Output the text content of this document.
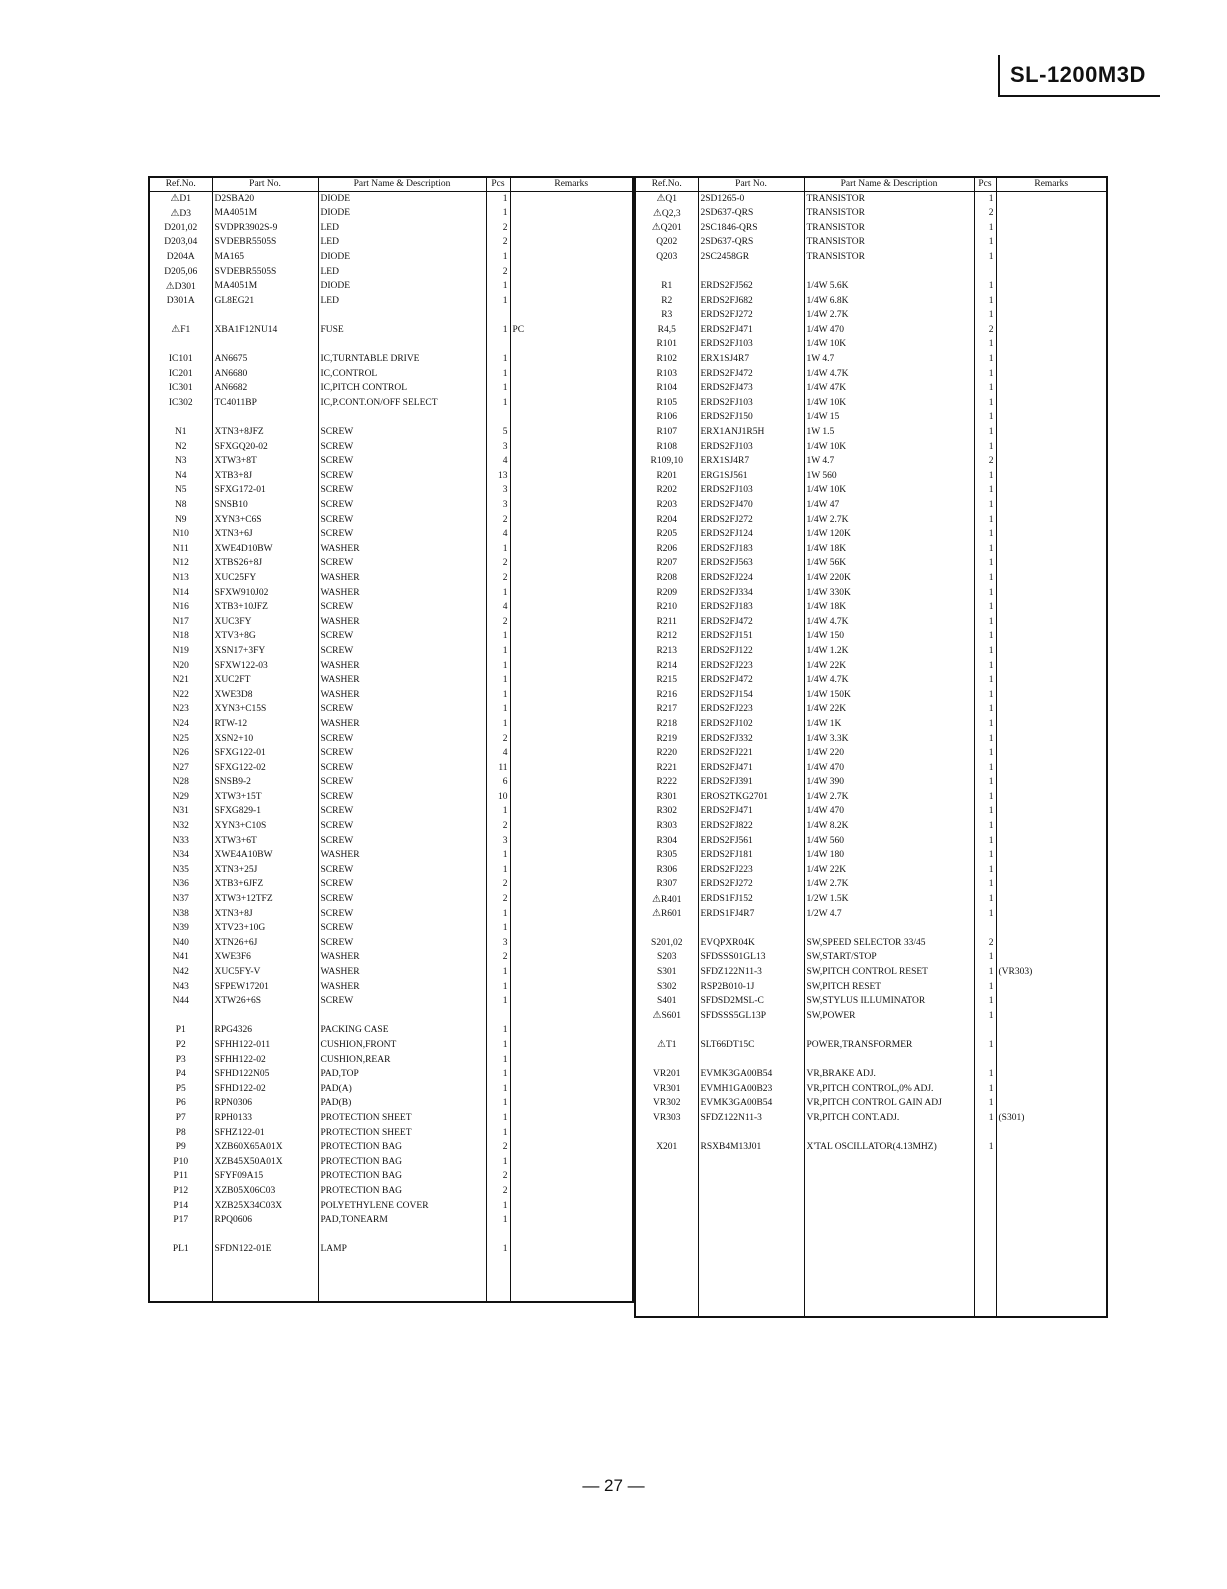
SL-1200M3D
Ref.No.	Part No.	Part Name & Description	Pcs	Remarks
⚠D1	D2SBA20	DIODE	1	
⚠D3	MA4051M	DIODE	1	
D201,02	SVDPR3902S-9	LED	2	
D203,04	SVDEBR5505S	LED	2	
D204A	MA165	DIODE	1	
D205,06	SVDEBR5505S	LED	2	
⚠D301	MA4051M	DIODE	1	
D301A	GL8EG21	LED	1	

⚠F1	XBA1F12NU14	FUSE	1	PC

IC101	AN6675	IC,TURNTABLE DRIVE	1	
IC201	AN6680	IC,CONTROL	1	
IC301	AN6682	IC,PITCH CONTROL	1	
IC302	TC4011BP	IC,P.CONT.ON/OFF SELECT	1	

N1	XTN3+8JFZ	SCREW	5	
N2	SFXGQ20-02	SCREW	3	
N3	XTW3+8T	SCREW	4	
N4	XTB3+8J	SCREW	13	
N5	SFXG172-01	SCREW	3	
N8	SNSB10	SCREW	3	
N9	XYN3+C6S	SCREW	2	
N10	XTN3+6J	SCREW	4	
N11	XWE4D10BW	WASHER	1	
N12	XTBS26+8J	SCREW	2	
N13	XUC25FY	WASHER	2	
N14	SFXW910J02	WASHER	1	
N16	XTB3+10JFZ	SCREW	4	
N17	XUC3FY	WASHER	2	
N18	XTV3+8G	SCREW	1	
N19	XSN17+3FY	SCREW	1	
N20	SFXW122-03	WASHER	1	
N21	XUC2FT	WASHER	1	
N22	XWE3D8	WASHER	1	
N23	XYN3+C15S	SCREW	1	
N24	RTW-12	WASHER	1	
N25	XSN2+10	SCREW	2	
N26	SFXG122-01	SCREW	4	
N27	SFXG122-02	SCREW	11	
N28	SNSB9-2	SCREW	6	
N29	XTW3+15T	SCREW	10	
N31	SFXG829-1	SCREW	1	
N32	XYN3+C10S	SCREW	2	
N33	XTW3+6T	SCREW	3	
N34	XWE4A10BW	WASHER	1	
N35	XTN3+25J	SCREW	1	
N36	XTB3+6JFZ	SCREW	2	
N37	XTW3+12TFZ	SCREW	2	
N38	XTN3+8J	SCREW	1	
N39	XTV23+10G	SCREW	1	
N40	XTN26+6J	SCREW	3	
N41	XWE3F6	WASHER	2	
N42	XUC5FY-V	WASHER	1	
N43	SFPEW17201	WASHER	1	
N44	XTW26+6S	SCREW	1	

P1	RPG4326	PACKING CASE	1	
P2	SFHH122-011	CUSHION,FRONT	1	
P3	SFHH122-02	CUSHION,REAR	1	
P4	SFHD122N05	PAD,TOP	1	
P5	SFHD122-02	PAD(A)	1	
P6	RPN0306	PAD(B)	1	
P7	RPH0133	PROTECTION SHEET	1	
P8	SFHZ122-01	PROTECTION SHEET	1	
P9	XZB60X65A01X	PROTECTION BAG	2	
P10	XZB45X50A01X	PROTECTION BAG	1	
P11	SFYF09A15	PROTECTION BAG	2	
P12	XZB05X06C03	PROTECTION BAG	2	
P14	XZB25X34C03X	POLYETHYLENE COVER	1	
P17	RPQ0606	PAD,TONEARM	1	

PL1	SFDN122-01E	LAMP	1	

Ref.No.	Part No.	Part Name & Description	Pcs	Remarks
⚠Q1	2SD1265-0	TRANSISTOR	1	
⚠Q2,3	2SD637-QRS	TRANSISTOR	2	
⚠Q201	2SC1846-QRS	TRANSISTOR	1	
Q202	2SD637-QRS	TRANSISTOR	1	
Q203	2SC2458GR	TRANSISTOR	1	

R1	ERDS2FJ562	1/4W 5.6K	1	
R2	ERDS2FJ682	1/4W 6.8K	1	
R3	ERDS2FJ272	1/4W 2.7K	1	
R4,5	ERDS2FJ471	1/4W 470	2	
R101	ERDS2FJ103	1/4W 10K	1	
R102	ERX1SJ4R7	1W 4.7	1	
R103	ERDS2FJ472	1/4W 4.7K	1	
R104	ERDS2FJ473	1/4W 47K	1	
R105	ERDS2FJ103	1/4W 10K	1	
R106	ERDS2FJ150	1/4W 15	1	
R107	ERX1ANJ1R5H	1W 1.5	1	
R108	ERDS2FJ103	1/4W 10K	1	
R109,10	ERX1SJ4R7	1W 4.7	2	
R201	ERG1SJ561	1W 560	1	
R202	ERDS2FJ103	1/4W 10K	1	
R203	ERDS2FJ470	1/4W 47	1	
R204	ERDS2FJ272	1/4W 2.7K	1	
R205	ERDS2FJ124	1/4W 120K	1	
R206	ERDS2FJ183	1/4W 18K	1	
R207	ERDS2FJ563	1/4W 56K	1	
R208	ERDS2FJ224	1/4W 220K	1	
R209	ERDS2FJ334	1/4W 330K	1	
R210	ERDS2FJ183	1/4W 18K	1	
R211	ERDS2FJ472	1/4W 4.7K	1	
R212	ERDS2FJ151	1/4W 150	1	
R213	ERDS2FJ122	1/4W 1.2K	1	
R214	ERDS2FJ223	1/4W 22K	1	
R215	ERDS2FJ472	1/4W 4.7K	1	
R216	ERDS2FJ154	1/4W 150K	1	
R217	ERDS2FJ223	1/4W 22K	1	
R218	ERDS2FJ102	1/4W 1K	1	
R219	ERDS2FJ332	1/4W 3.3K	1	
R220	ERDS2FJ221	1/4W 220	1	
R221	ERDS2FJ471	1/4W 470	1	
R222	ERDS2FJ391	1/4W 390	1	
R301	EROS2TKG2701	1/4W 2.7K	1	
R302	ERDS2FJ471	1/4W 470	1	
R303	ERDS2FJ822	1/4W 8.2K	1	
R304	ERDS2FJ561	1/4W 560	1	
R305	ERDS2FJ181	1/4W 180	1	
R306	ERDS2FJ223	1/4W 22K	1	
R307	ERDS2FJ272	1/4W 2.7K	1	
⚠R401	ERDS1FJ152	1/2W 1.5K	1	
⚠R601	ERDS1FJ4R7	1/2W 4.7	1	

S201,02	EVQPXR04K	SW,SPEED SELECTOR 33/45	2	
S203	SFDSSS01GL13	SW,START/STOP	1	
S301	SFDZ122N11-3	SW,PITCH CONTROL RESET	1	(VR303)
S302	RSP2B010-1J	SW,PITCH RESET	1	
S401	SFDSD2MSL-C	SW,STYLUS ILLUMINATOR	1	
⚠S601	SFDSSS5GL13P	SW,POWER	1	

⚠T1	SLT66DT15C	POWER,TRANSFORMER	1	

VR201	EVMK3GA00B54	VR,BRAKE ADJ.	1	
VR301	EVMH1GA00B23	VR,PITCH CONTROL,0% ADJ.	1	
VR302	EVMK3GA00B54	VR,PITCH CONTROL GAIN ADJ	1	
VR303	SFDZ122N11-3	VR,PITCH CONT.ADJ.	1	(S301)

X201	RSXB4M13J01	X'TAL OSCILLATOR(4.13MHZ)	1	

— 27 —
